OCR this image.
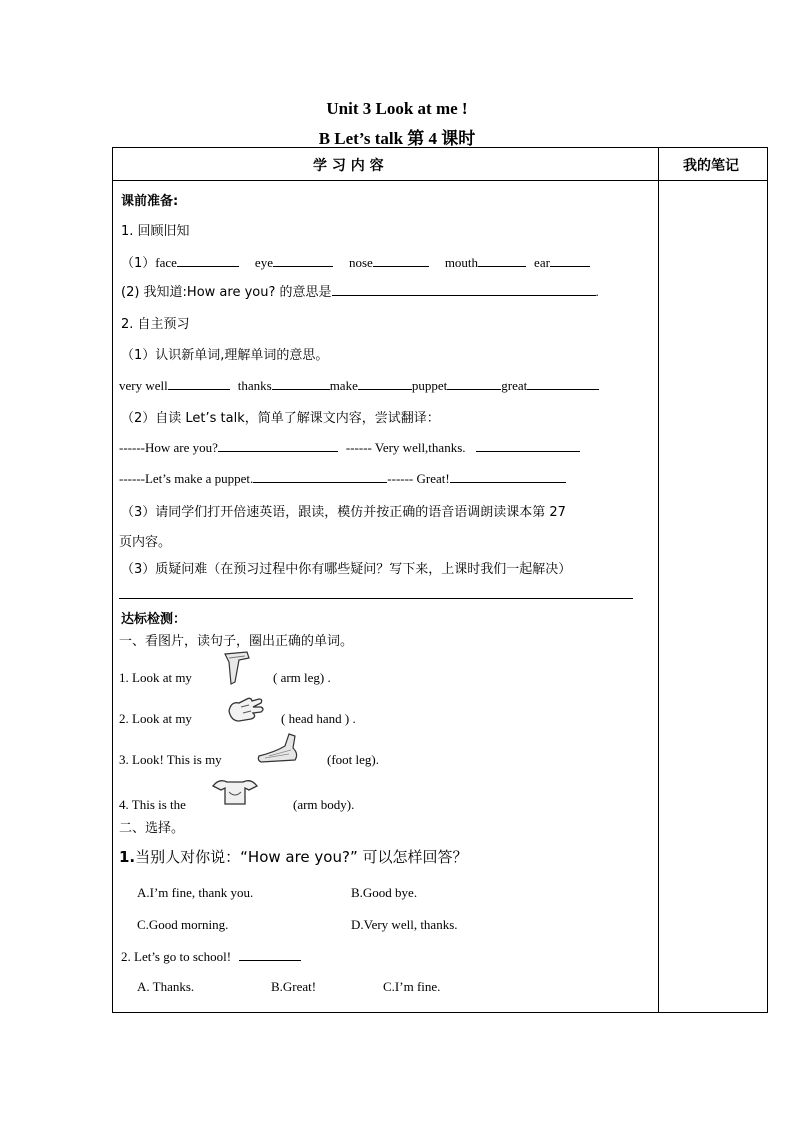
Unit 3 Look at me !
B Let’s talk 第 4 课时
学 习 内 容	我的笔记
课前准备:
1. 回顾旧知
（1）face	eye	nose	mouth	ear
(2) 我知道:How are you? 的意思是	.
2. 自主预习
（1）认识新单词,理解单词的意思。
very well	thanks	make	puppet	great
（2）自读 Let’s talk，简单了解课文内容，尝试翻译：
------How are you?	------ Very well,thanks.
------Let’s make a puppet.	------ Great!
（3）请同学们打开倍速英语，跟读，模仿并按正确的语音语调朗读课本第 27
页内容。
（3）质疑问难（在预习过程中你有哪些疑问？写下来，上课时我们一起解决）
达标检测：
一、看图片，读句子，圈出正确的单词。
1. Look at my	( arm leg) .
2. Look at my	( head hand ) .
3. Look! This is my	(foot leg).
4. This is the	(arm body).
二、选择。
1.当别人对你说：“How are you?” 可以怎样回答？
A.I’m fine, thank you.	B.Good bye.
C.Good morning.	D.Very well, thanks.
2. Let’s go to school!
A. Thanks.	B.Great!	C.I’m fine.
